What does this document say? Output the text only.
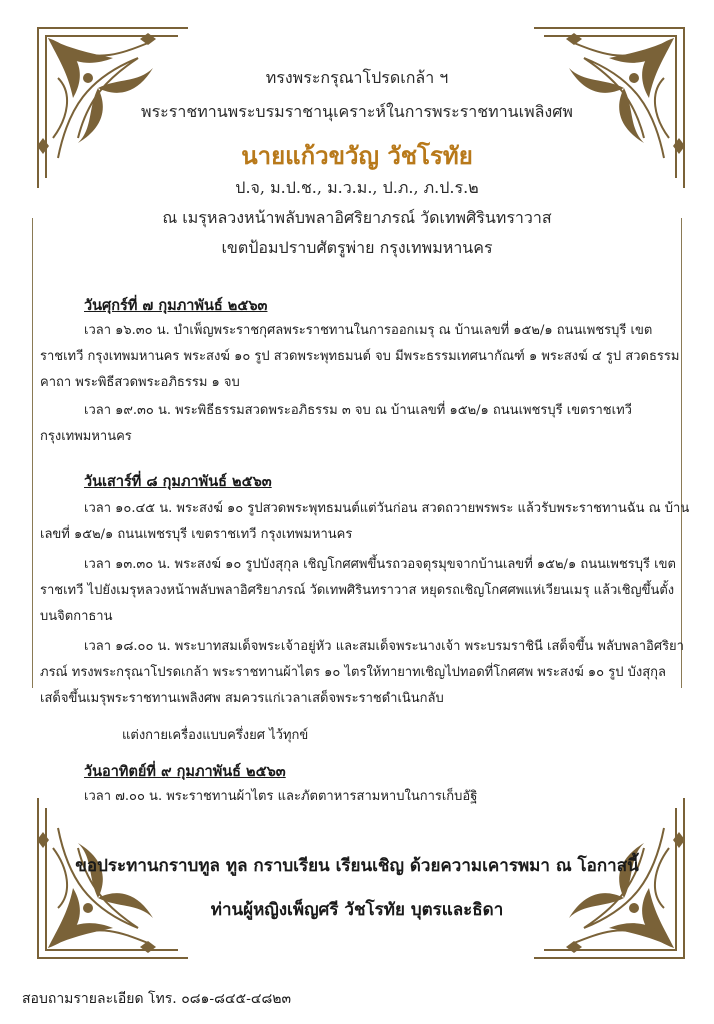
ทรงพระกรุณาโปรดเกล้า ฯ
พระราชทานพระบรมราชานุเคราะห์ในการพระราชทานเพลิงศพ
นายแก้วขวัญ วัชโรทัย
ป.จ, ม.ป.ช., ม.ว.ม., ป.ภ., ภ.ป.ร.๒
ณ เมรุหลวงหน้าพลับพลาอิศริยาภรณ์ วัดเทพศิรินทราวาส
เขตป้อมปราบศัตรูพ่าย กรุงเทพมหานคร
วันศุกร์ที่ ๗ กุมภาพันธ์ ๒๕๖๓
เวลา ๑๖.๓๐ น. บำเพ็ญพระราชกุศลพระราชทานในการออกเมรุ ณ บ้านเลขที่ ๑๕๒/๑ ถนนเพชรบุรี เขตราชเทวี กรุงเทพมหานคร พระสงฆ์ ๑๐ รูป สวดพระพุทธมนต์ จบ มีพระธรรมเทศนากัณฑ์ ๑ พระสงฆ์ ๔ รูป สวดธรรมคาถา พระพิธีสวดพระอภิธรรม ๑ จบ
เวลา ๑๙.๓๐ น. พระพิธีธรรมสวดพระอภิธรรม ๓ จบ ณ บ้านเลขที่ ๑๕๒/๑ ถนนเพชรบุรี เขตราชเทวี กรุงเทพมหานคร
วันเสาร์ที่ ๘ กุมภาพันธ์ ๒๕๖๓
เวลา ๑๐.๔๕ น. พระสงฆ์ ๑๐ รูปสวดพระพุทธมนต์แต่วันก่อน สวดถวายพรพระ แล้วรับพระราชทานฉัน ณ บ้านเลขที่ ๑๕๒/๑ ถนนเพชรบุรี เขตราชเทวี กรุงเทพมหานคร
เวลา ๑๓.๓๐ น. พระสงฆ์ ๑๐ รูปบังสุกุล เชิญโกศศพขึ้นรถวอจตุรมุขจากบ้านเลขที่ ๑๕๒/๑ ถนนเพชรบุรี เขตราชเทวี ไปยังเมรุหลวงหน้าพลับพลาอิศริยาภรณ์ วัดเทพศิรินทราวาส หยุดรถเชิญโกศศพแห่เวียนเมรุ แล้วเชิญขึ้นตั้งบนจิตกาธาน
เวลา ๑๘.๐๐ น. พระบาทสมเด็จพระเจ้าอยู่หัว และสมเด็จพระนางเจ้า พระบรมราชินี เสด็จขึ้น พลับพลาอิศริยาภรณ์ ทรงพระกรุณาโปรดเกล้า พระราชทานผ้าไตร ๑๐ ไตรให้ทายาทเชิญไปทอดที่โกศศพ พระสงฆ์ ๑๐ รูป บังสุกุล เสด็จขึ้นเมรุพระราชทานเพลิงศพ สมควรแก่เวลาเสด็จพระราชดำเนินกลับ
แต่งกายเครื่องแบบครึ่งยศ ไว้ทุกข์
วันอาทิตย์ที่ ๙ กุมภาพันธ์ ๒๕๖๓
เวลา ๗.๐๐ น. พระราชทานผ้าไตร และภัตตาหารสามหาบในการเก็บอัฐิ
ขอประทานกราบทูล ทูล กราบเรียน เรียนเชิญ ด้วยความเคารพมา ณ โอกาสนี้
ท่านผู้หญิงเพ็ญศรี วัชโรทัย บุตรและธิดา
สอบถามรายละเอียด โทร. ๐๘๑-๘๔๕-๔๘๒๓
